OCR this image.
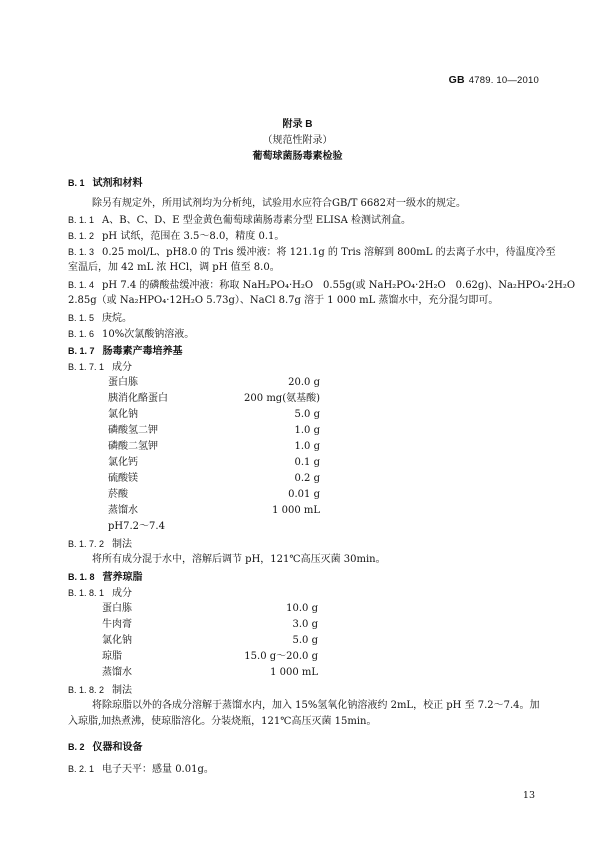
GB 4789. 10—2010
附录 B
（规范性附录）
葡萄球菌肠毒素检验
B. 1 试剂和材料
除另有规定外，所用试剂均为分析纯，试验用水应符合GB/T 6682对一级水的规定。
B. 1. 1 A、B、C、D、E 型金黄色葡萄球菌肠毒素分型 ELISA 检测试剂盒。
B. 1. 2 pH 试纸，范围在 3.5～8.0，精度 0.1。
B. 1. 3 0.25 mol/L、pH8.0 的 Tris 缓冲液：将 121.1g 的 Tris 溶解到 800mL 的去离子水中，待温度冷至
室温后，加 42 mL 浓 HCl，调 pH 值至 8.0。
B. 1. 4 pH 7.4 的磷酸盐缓冲液：称取 NaH₂PO₄·H₂O　0.55g(或 NaH₂PO₄·2H₂O　0.62g)、Na₂HPO₄·2H₂O
2.85g（或 Na₂HPO₄·12H₂O 5.73g）、NaCl 8.7g 溶于 1 000 mL 蒸馏水中，充分混匀即可。
B. 1. 5 庚烷。
B. 1. 6 10%次氯酸钠溶液。
B. 1. 7 肠毒素产毒培养基
B. 1. 7. 1 成分
蛋白胨	20.0 g
胰消化酪蛋白	200 mg(氨基酸)
氯化钠	5.0 g
磷酸氢二钾	1.0 g
磷酸二氢钾	1.0 g
氯化钙	0.1 g
硫酸镁	0.2 g
菸酸	0.01 g
蒸馏水	1 000 mL
pH7.2～7.4
B. 1. 7. 2 制法
将所有成分混于水中，溶解后调节 pH，121℃高压灭菌 30min。
B. 1. 8 营养琼脂
B. 1. 8. 1 成分
蛋白胨	10.0 g
牛肉膏	3.0 g
氯化钠	5.0 g
琼脂	15.0 g～20.0 g
蒸馏水	1 000 mL
B. 1. 8. 2 制法
将除琼脂以外的各成分溶解于蒸馏水内，加入 15%氢氧化钠溶液约 2mL，校正 pH 至 7.2～7.4。加
入琼脂,加热煮沸，使琼脂溶化。分装烧瓶，121℃高压灭菌 15min。
B. 2 仪器和设备
B. 2. 1 电子天平：感量 0.01g。
13
